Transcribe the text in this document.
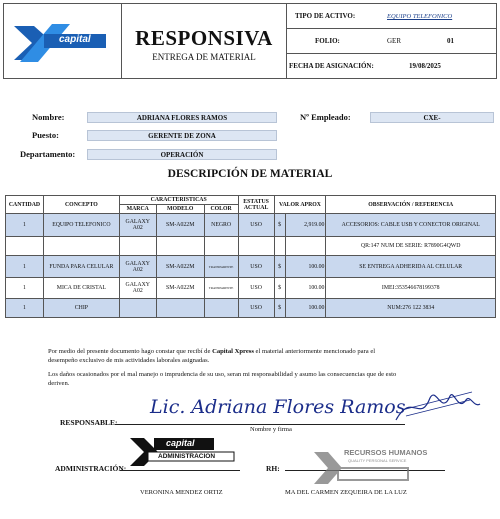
capital	RESPONSIVA
ENTREGA DE MATERIAL
TIPO DE ACTIVO:	EQUIPO TELEFONICO
FOLIO:	GER	01
FECHA DE ASIGNACIÓN:	19/08/2025
Nombre:	ADRIANA FLORES RAMOS	Nº Empleado:	CXE-
Puesto:	GERENTE DE ZONA
Departamento:	OPERACIÓN
DESCRIPCIÓN DE MATERIAL
CANTIDAD	CONCEPTO	CARACTERISTICAS			ESTATUS ACTUAL	VALOR APROX		OBSERVACIÓN / REFERENCIA
		MARCA	MODELO	COLOR				
1	EQUIPO TELEFONICO	GALAXY A02	SM-A022M	NEGRO	USO	$	2,919.00	ACCESORIOS: CABLE USB Y CONECTOR ORIGINAL
								QR:147 NUM DE SERIE: R7890G4QWD
1	FUNDA PARA CELULAR	GALAXY A02	SM-A022M	TRANSPARENTE	USO	$	100.00	SE ENTREGA ADHERIDA AL CELULAR
1	MICA DE CRISTAL	GALAXY A02	SM-A022M	TRANSPARENTE	USO	$	100.00	IMEI:353546678199378
1	CHIP				USO	$	100.00	NUM:276 122 3834
Por medio del presente documento hago constar que recibí de Capital Xpress el material anteriormente mencionado para el desempeño exclusivo de mis actividades laborales asignadas.
Los daños ocasionados por el mal manejo o imprudencia de su uso, seran mi responsabilidad y asumo las consecuencias que de esto deriven.
RESPONSABLE:
Lic. Adriana Flores Ramos
Nombre y firma
capital
ADMINISTRACION
ADMINISTRACIÓN:
VERONINA MENDEZ ORTIZ
RH:
RECURSOS HUMANOS
QUALITY PERSONAL SERVICE
MA DEL CARMEN ZEQUEIRA DE LA LUZ
